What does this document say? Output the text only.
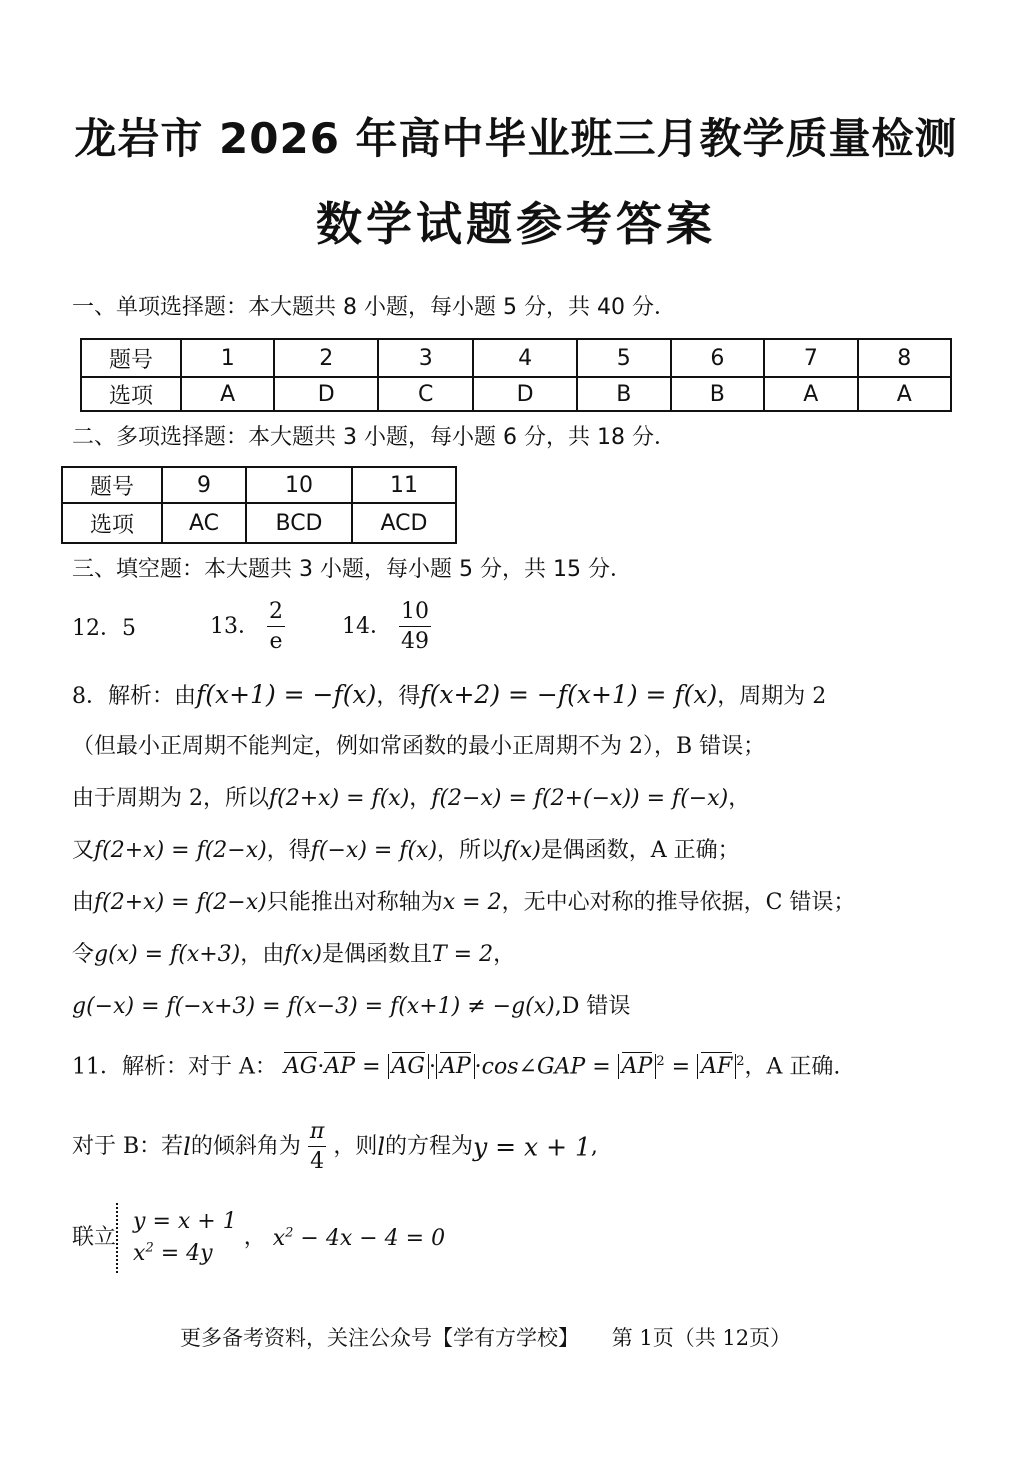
龙岩市 2026 年高中毕业班三月教学质量检测
数学试题参考答案
一、单项选择题：本大题共 8 小题，每小题 5 分，共 40 分．
题号	1	2	3	4	5	6	7	8
选项	A	D	C	D	B	B	A	A
二、多项选择题：本大题共 3 小题，每小题 6 分，共 18 分．
题号	9	10	11
选项	AC	BCD	ACD
三、填空题：本大题共 3 小题，每小题 5 分，共 15 分．
12．5	13． $\frac{2}{e}$	14． $\frac{10}{49}$
8．解析：由f(x+1) = −f(x)，得f(x+2) = −f(x+1) = f(x)，周期为 2
（但最小正周期不能判定，例如常函数的最小正周期不为 2），B 错误；
由于周期为 2，所以f(2+x) = f(x)，f(2−x) = f(2+(−x)) = f(−x)，
又f(2+x) = f(2−x)，得f(−x) = f(x)，所以f(x)是偶函数，A 正确；
由f(2+x) = f(2−x)只能推出对称轴为x = 2，无中心对称的推导依据，C 错误；
令g(x) = f(x+3)，由f(x)是偶函数且T = 2，
g(−x) = f(−x+3) = f(x−3) = f(x+1) ≠ −g(x),D 错误
11．解析：对于 A： AG·AP = AG · AP ·cos∠GAP = AP $^2$ = AF $^2$，A 正确.
对于 B：若l的倾斜角为 $\frac{\pi}{4}$ ，则l的方程为y = x + 1,
联立
y = x + 1
$x^2 = 4y$
， $x^2 - 4x - 4 = 0$
更多备考资料，关注公众号【学有方学校】 第 1页（共 12页）
